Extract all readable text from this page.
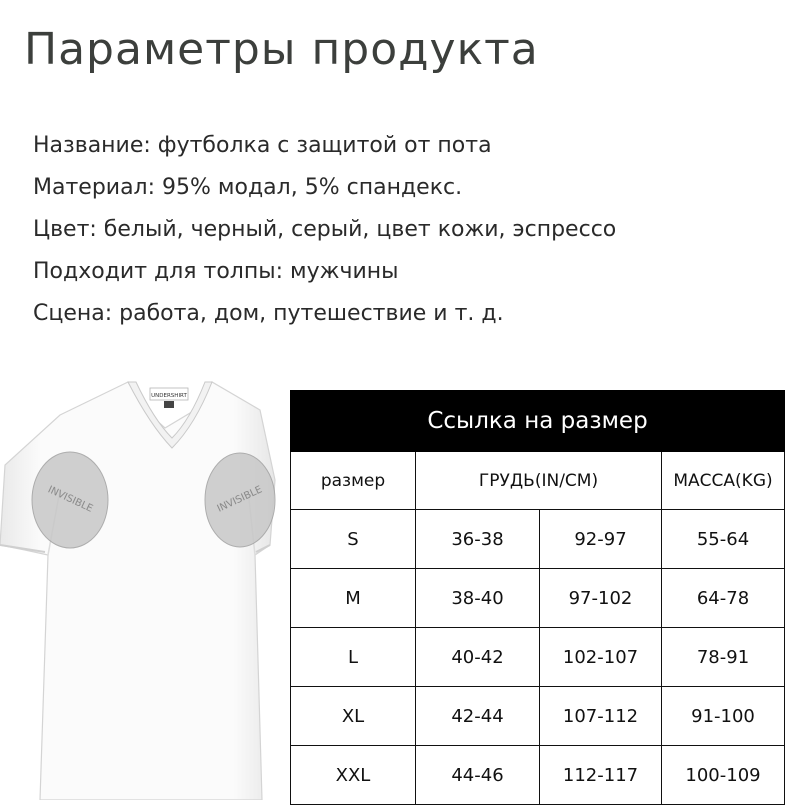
Параметры продукта
Название: футболка с защитой от пота
Материал: 95% модал, 5% спандекс.
Цвет: белый, черный, серый, цвет кожи, эспрессо
Подходит для толпы: мужчины
Сцена: работа, дом, путешествие и т. д.
UNDERSHIRT
INVISIBLE	INVISIBLE
Ссылка на размер			
размер	ГРУДЬ(IN/CM)		МАССА(KG)
S	36-38	92-97	55-64
M	38-40	97-102	64-78
L	40-42	102-107	78-91
XL	42-44	107-112	91-100
XXL	44-46	112-117	100-109
